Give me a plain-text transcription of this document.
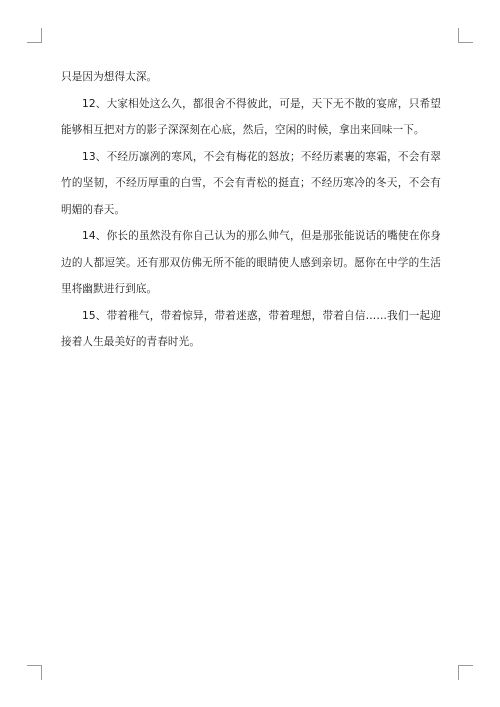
只是因为想得太深。

12、大家相处这么久，都很舍不得彼此，可是，天下无不散的宴席，只希望能够相互把对方的影子深深刻在心底，然后，空闲的时候，拿出来回味一下。

13、不经历凛冽的寒风，不会有梅花的怒放；不经历素裹的寒霜，不会有翠竹的坚韧，不经历厚重的白雪，不会有青松的挺直；不经历寒冷的冬天，不会有明媚的春天。

14、你长的虽然没有你自己认为的那么帅气，但是那张能说话的嘴使在你身边的人都逗笑。还有那双仿佛无所不能的眼睛使人感到亲切。愿你在中学的生活里将幽默进行到底。

15、带着稚气，带着惊异，带着迷惑，带着理想，带着自信……我们一起迎接着人生最美好的青春时光。
